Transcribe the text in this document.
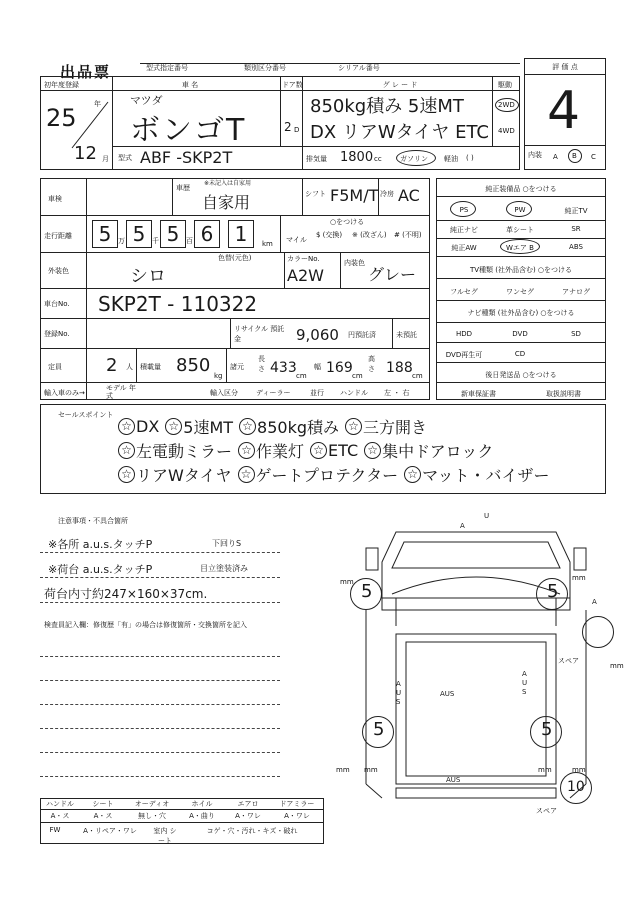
出品票	型式指定番号	類別区分番号	シリアル番号	評 価 点
4
内装 A B C
初年度登録
25 年
12 月
車 名
マツダ
ボンゴT
型式 ABF -SKP2T
ドア数
2 D
グ レ ー ド
850kg積み 5速MT
DX リアWタイヤ ETC
駆動
2WD
4WD
排気量 1800 cc	ガソリン 軽油 ( )
車検
車歴
※未記入は自家用
自家用	シフト F5M/T 冷房 AC
走行距離	5 万 5 千 5 百 6	1	km
○をつける
マイル
$ (交換) ※ (改ざん) # (不明)
外装色
色替(元色)
シロ
カラーNo.
A2W
内装色
グレー
車台No. SKP2T - 110322
登録No.
リサイクル 預託金	9,060 円預託済	未預託
定員 2 人 積載量 850 kg
諸元
長さ 433 cm
幅 169 cm
高さ 188 cm
輸入車のみ→
モデル 年式	輸入区分	ディーラー	並行 ハンドル 左 ・ 右
純正装備品 ○をつける
PS	PW	純正TV
純正ナビ	革シート	SR
純正AW	Wエア B	ABS
TV種類 (社外品含む) ○をつける
フルセグ	ワンセグ	アナログ
ナビ種類 (社外品含む) ○をつける
HDD	DVD	SD
DVD再生可	CD
後日発送品 ○をつける
新車保証書	取扱説明書
セールスポイント
☆ DX ☆ 5速MT ☆ 850kg積み ☆ 三方開き
☆ 左電動ミラー ☆ 作業灯 ☆ ETC ☆ 集中ドアロック
☆ リアWタイヤ ☆ ゲートプロテクター ☆ マット・バイザー
注意事項・不具合箇所
※各所 a.u.s.タッチP	下回りS
※荷台 a.u.s.タッチP	目立塗装済み
荷台内寸約247×160×37cm.
検査員記入欄：修復歴「有」の場合は修復箇所・交換箇所を記入
ハンドル
A・ス
シート
A・ス
オーディオ
無し・穴
ホイル
A・曲り
エアロ
A・ワレ
ドアミラー
A・ワレ
FW	A・リペア・ワレ	室内 シート
コゲ・穴・汚れ・キズ・破れ
5	5
5	5
スペア
mm
10
スペア
mm	mm
mm mm	mm	mm
AUS
AUS
A
A
U
A U S
A U S
